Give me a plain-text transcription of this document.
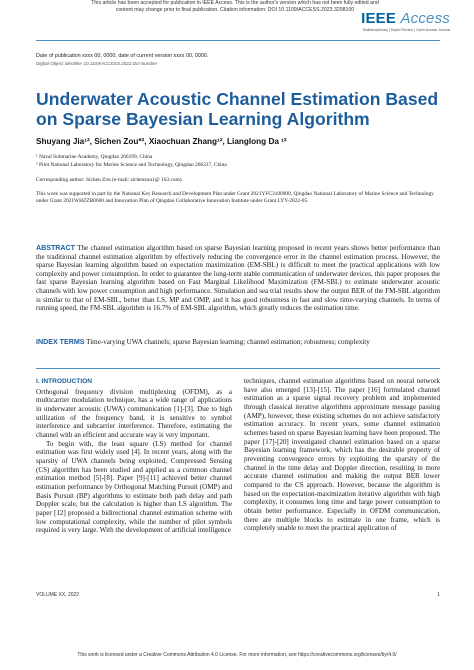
This article has been accepted for publication in IEEE Access. This is the author's version which has not been fully edited and
content may change prior to final publication. Citation information: DOI 10.1109/ACCESS.2023.3298100 IEEE Access
Multidisciplinary | Rapid Review | Open Access Journal
Date of publication xxxx 00, 0000, date of current version xxxx 00, 0000.
Digital Object Identifier 10.1109/ACCESS.2022.Doi Number
Underwater Acoustic Channel Estimation Based on Sparse Bayesian Learning Algorithm
Shuyang Jia¹², Sichen Zou*², Xiaochuan Zhang¹², Lianglong Da ¹²
¹ Naval Submarine Academy, Qingdao 266199, China
² Pilot National Laboratory for Marine Science and Technology, Qingdao 266237, China
Corresponding author: Sichen Zou (e-mail: sichenzou1@ 163.com).
This work was supported in part by the National Key Research and Development Plan under Grant 2021YFC3100900, Qingdao National Laboratory of Marine Science and Technology under Grant 2021WHZZB0600 and Innovation Plan of Qingdao Collaborative Innovation Institute under Grant LYY-2022-05.
ABSTRACT The channel estimation algorithm based on sparse Bayesian learning proposed in recent years shows better performance than the traditional channel estimation algorithm by effectively reducing the convergence error in the channel estimation process. However, the sparse Bayesian learning algorithm based on expectation maximization (EM-SBL) is difficult to meet the practical applications with low complexity and power consumption. In order to guarantee the long-term stable communication of underwater devices, this paper proposes the fast sparse Bayesian learning algorithm based on Fast Marginal Likelihood Maximization (FM-SBL) to estimate underwater acoustic channels with low power consumption and high performance. Simulation and sea trial results show the output BER of the FM-SBL algorithm is similar to that of EM-SBL, better than LS, MP and OMP, and it has good robustness in fast and slow time-varying channels. In terms of running speed, the FM-SBL algorithm is 16.7% of EM-SBL algorithm, which greatly reduces the estimation time.
INDEX TERMS Time-varying UWA channels; sparse Bayesian learning; channel estimation; robustness; complexity
I. INTRODUCTION

Orthogonal frequency division multiplexing (OFDM), as a multicarrier modulation technique, has a wide range of applications in underwater acoustic (UWA) communication [1]-[3]. Due to high utilization of the frequency band, it is sensitive to symbol interference and subcarrier interference. Therefore, estimating the channel with an efficient and accurate way is very important.

To begin with, the least square (LS) method for channel estimation was first widely used [4]. In recent years, along with the sparsity of UWA channels being exploited, Compressed Sensing (CS) algorithm has been studied and applied as a common channel estimation method [5]-[8]. Paper [9]-[11] achieved better channel estimation performance by Orthogonal Matching Pursuit (OMP) and Basis Pursuit (BP) algorithms to estimate both path delay and path Doppler scale, but the calculation is higher than LS algorithm. The paper [12] proposed a bidirectional channel estimation scheme with low computational complexity, while the number of pilot symbols required is very large. With the development of artificial intelligence

techniques, channel estimation algorithms based on neural network have also emerged [13]-[15]. The paper [16] formulated channel estimation as a sparse signal recovery problem and implemented through classical iterative algorithms approximate message passing (AMP), however, these existing schemes do not achieve satisfactory estimation accuracy. In recent years, some channel estimation schemes based on sparse Bayesian learning have been proposed. The paper [17]-[20] investigated channel estimation based on a sparse Bayesian learning framework, which has the desirable property of preventing convergence errors by exploiting the sparsity of the channel in the time delay and Doppler direction, resulting in more accurate channel estimation and making the output BER lower compared to the CS approach. However, because the algorithm is based on the expectation-maximization iterative algorithm with high complexity, it consumes long time and large power consumption to obtain better performance. Especially in OFDM communication, there are multiple blocks to estimate in one frame, which is completely unable to meet the practical application of

VOLUME XX, 2022	1
This work is licensed under a Creative Commons Attribution 4.0 License. For more information, see https://creativecommons.org/licenses/by/4.0/
